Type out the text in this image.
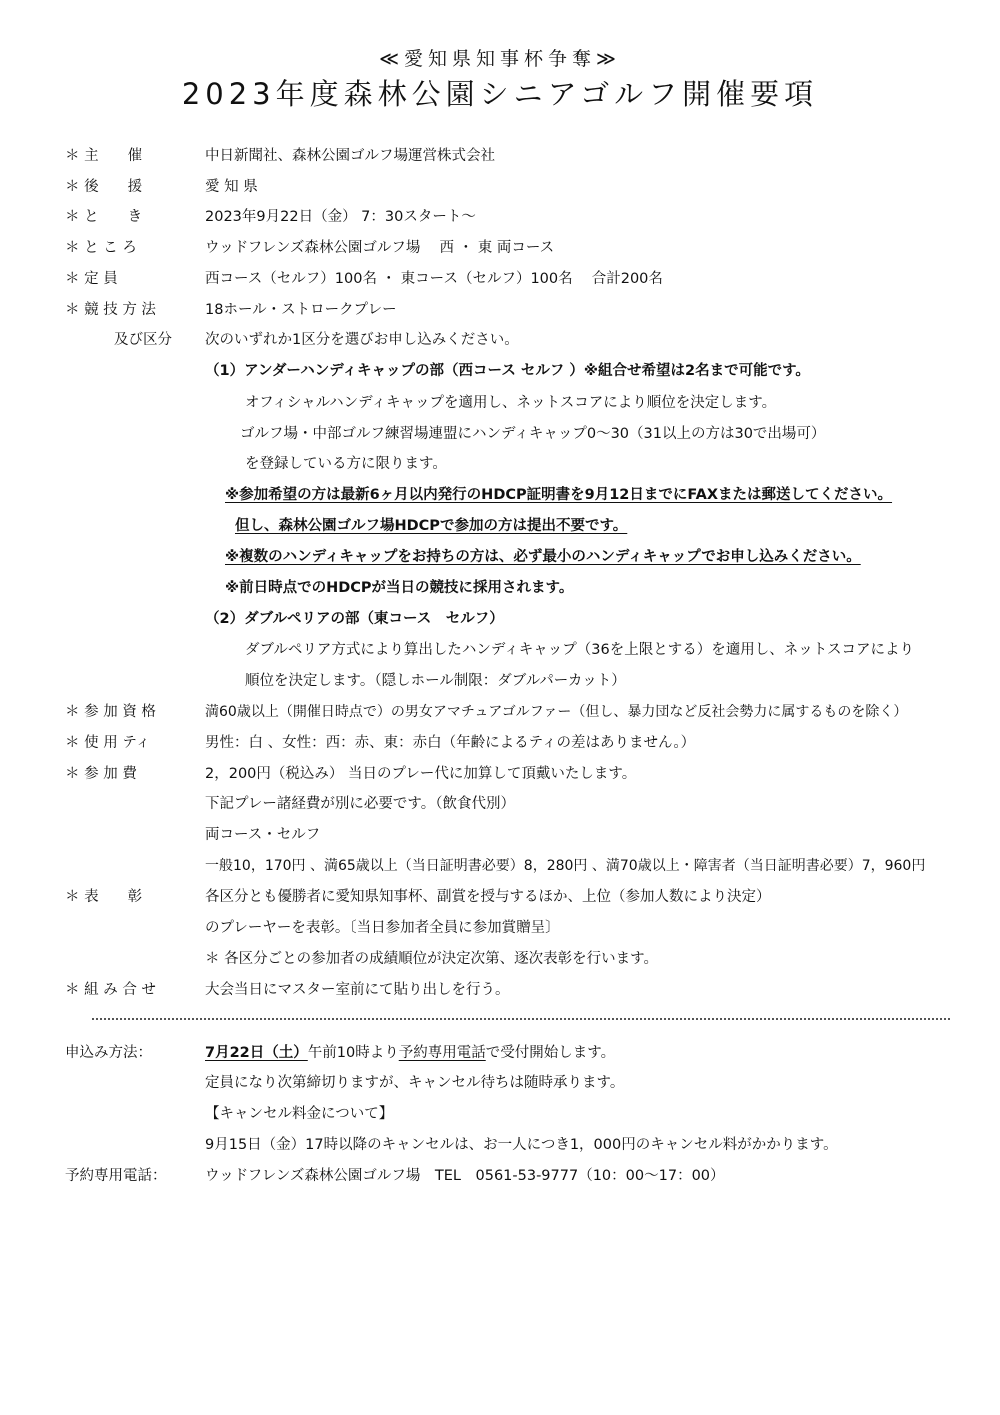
≪愛知県知事杯争奪≫
2023年度森林公園シニアゴルフ開催要項
＊ 主　　催	中日新聞社、森林公園ゴルフ場運営株式会社
＊ 後　　援	愛 知 県
＊ と　　き	2023年9月22日（金） 7：30スタート～
＊ と こ ろ	ウッドフレンズ森林公園ゴルフ場　 西 ・ 東 両コース
＊ 定 員	西コース（セルフ）100名 ・ 東コース（セルフ）100名　 合計200名
＊ 競 技 方 法	18ホール・ストロークプレー
及び区分 次のいずれか1区分を選びお申し込みください。
（1）アンダーハンディキャップの部（西コース セルフ ）※組合せ希望は2名まで可能です。
オフィシャルハンディキャップを適用し、ネットスコアにより順位を決定します。
ゴルフ場・中部ゴルフ練習場連盟にハンディキャップ0～30（31以上の方は30で出場可）
を登録している方に限ります。
※参加希望の方は最新6ヶ月以内発行のHDCP証明書を9月12日までにFAXまたは郵送してください。
但し、森林公園ゴルフ場HDCPで参加の方は提出不要です。
※複数のハンディキャップをお持ちの方は、必ず最小のハンディキャップでお申し込みください。
※前日時点でのHDCPが当日の競技に採用されます。
（2）ダブルペリアの部（東コース　セルフ）
ダブルペリア方式により算出したハンディキャップ（36を上限とする）を適用し、ネットスコアにより
順位を決定します。（隠しホール制限：ダブルパーカット）
＊ 参 加 資 格	満60歳以上（開催日時点で）の男女アマチュアゴルファー（但し、暴力団など反社会勢力に属するものを除く）
＊ 使 用 ティ	男性：白 、女性：西：赤、東：赤白（年齢によるティの差はありません。）
＊ 参 加 費	2，200円（税込み） 当日のプレー代に加算して頂戴いたします。
下記プレー諸経費が別に必要です。（飲食代別）
両コース・セルフ
一般10，170円 、満65歳以上（当日証明書必要）8，280円 、満70歳以上・障害者（当日証明書必要）7，960円
＊ 表　　彰	各区分とも優勝者に愛知県知事杯、副賞を授与するほか、上位（参加人数により決定）
のプレーヤーを表彰。〔当日参加者全員に参加賞贈呈〕
＊ 各区分ごとの参加者の成績順位が決定次第、逐次表彰を行います。
＊ 組 み 合 せ	大会当日にマスター室前にて貼り出しを行う。
申込み方法：	7月22日（土）午前10時より予約専用電話で受付開始します。
定員になり次第締切りますが、キャンセル待ちは随時承ります。
【キャンセル料金について】
9月15日（金）17時以降のキャンセルは、お一人につき1，000円のキャンセル料がかかります。
予約専用電話：	ウッドフレンズ森林公園ゴルフ場　TEL　0561-53-9777（10：00～17：00）
